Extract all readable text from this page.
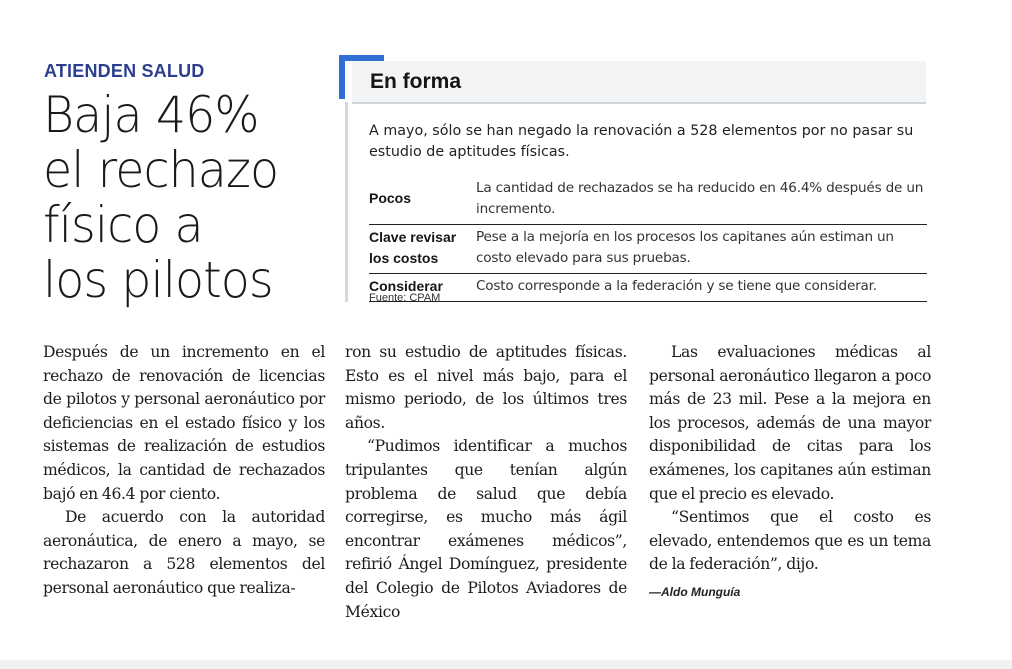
ATIENDEN SALUD
Baja 46%
el rechazo
físico a
los pilotos
En forma
A mayo, sólo se han negado la renovación a 528 elementos por no pasar su estudio de aptitudes físicas.
Pocos
La cantidad de rechazados se ha reducido en 46.4% después de un incremento.
Clave revisar los costos
Pese a la mejoría en los procesos los capitanes aún estiman un costo elevado para sus pruebas.
Considerar	Costo corresponde a la federación y se tiene que considerar.
Fuente: CPAM

Después de un incremento en el rechazo de renovación de licencias de pilotos y personal aeronáutico por deficiencias en el estado físico y los sistemas de realización de estudios médicos, la cantidad de rechazados bajó en 46.4 por ciento.

De acuerdo con la autoridad aeronáutica, de enero a mayo, se rechazaron a 528 elementos del personal aeronáutico que realiza-

ron su estudio de aptitudes físicas. Esto es el nivel más bajo, para el mismo periodo, de los últimos tres años.

“Pudimos identificar a muchos tripulantes que tenían algún problema de salud que debía corregirse, es mucho más ágil encontrar exámenes médicos”, refirió Ángel Domínguez, presidente del Colegio de Pilotos Aviadores de México

Las evaluaciones médicas al personal aeronáutico llegaron a poco más de 23 mil. Pese a la mejora en los procesos, además de una mayor disponibilidad de citas para los exámenes, los capitanes aún estiman que el precio es elevado.

“Sentimos que el costo es elevado, entendemos que es un tema de la federación”, dijo.

—Aldo Munguía
